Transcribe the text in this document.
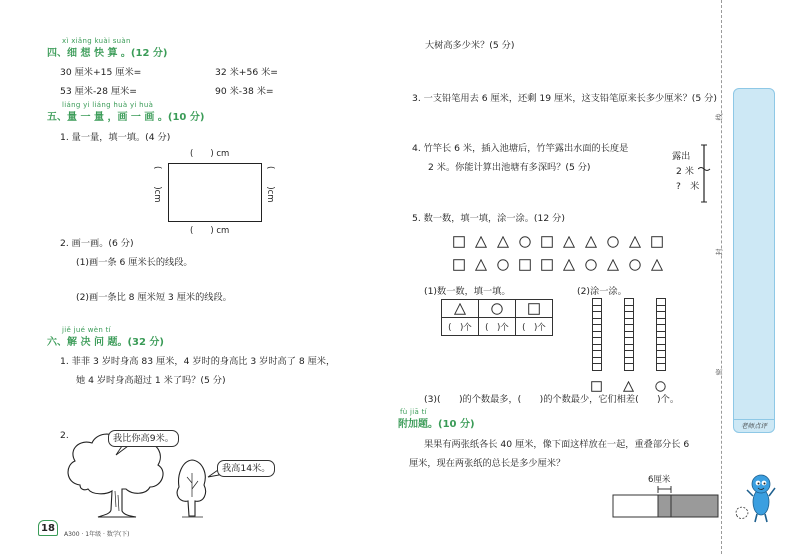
xì xiǎng kuài suàn
四、细 想 快 算 。(12 分)
30 厘米+15 厘米=	32 米+56 米=
53 厘米-28 厘米=	90 米-38 米=
liáng yi liáng huà yi huà
五、量 一 量 ，画 一 画 。(10 分)
1. 量一量，填一填。(4 分)
(　　) cm
(　　) cm
(　　)cm	(　　)cm
2. 画一画。(6 分)
(1)画一条 6 厘米长的线段。
(2)画一条比 8 厘米短 3 厘米的线段。
jiě jué wèn tí
六、解 决 问 题。(32 分)
1. 菲菲 3 岁时身高 83 厘米，4 岁时的身高比 3 岁时高了 8 厘米，
她 4 岁时身高超过 1 米了吗？(5 分)
2.	我比你高9米。
我高14米。
18
A300 · 1年级 · 数学(下)
大树高多少米？(5 分)
3. 一支铅笔用去 6 厘米，还剩 19 厘米，这支铅笔原来长多少厘米？(5 分)
4. 竹竿长 6 米，插入池塘后，竹竿露出水面的长度是
2 米。你能计算出池塘有多深吗？(5 分)
露出
2 米
?　米
5. 数一数，填一填，涂一涂。(12 分)
(1)数一数，填一填。

(　)个	(　)个	(　)个
(2)涂一涂。
(3)(　　)的个数最多，(　　)的个数最少，它们相差(　　)个。
fù jiā tí
附加题。(10 分)
果果有两张纸各长 40 厘米，像下面这样放在一起，重叠部分长 6
厘米，现在两张纸的总长是多少厘米？
6厘米
线
封
密
老师点评
